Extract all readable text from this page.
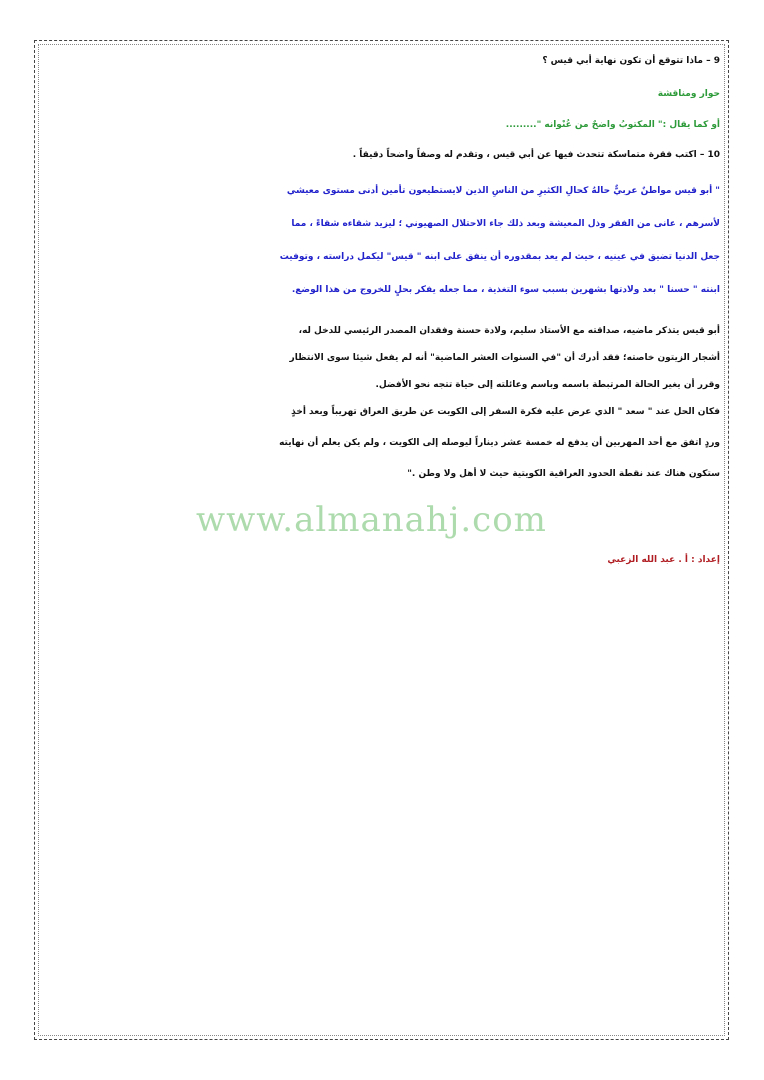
9 – ماذا تتوقع أن تكون نهاية أبي قيس ؟
حوار ومناقشة
أو كما يقال :" المكتوبُ واضحٌ من عُنْوانه ".........
10 – اكتب فقرة متماسكة تتحدث فيها عن أبي قيس ، وتقدم له وصفاً واضحاً دقيقاً .
" أبو قيس مواطنٌ عربيٌّ حالهُ كحالِ الكثيرِ من الناسِ الذين لايستطيعون تأمين أدنى مستوى معيشي
لأسرهم ، عانى من الفقر وذل المعيشة وبعد ذلك جاء الاحتلال الصهيوني ؛ ليزيد شقاءه شقاءً ، مما
جعل الدنيا تضيق في عينيه ، حيث لم يعد بمقدوره أن ينفق على ابنه " قيس" ليكمل دراسته ، وتوفيت
ابنته " حسنا " بعد ولادتها بشهرين بسبب سوء التغذية ، مما جعله يفكر بحلٍ للخروج من هذا الوضع.
أبو قيس يتذكر ماضيه، صداقته مع الأستاذ سليم، ولادة حسنة وفقدان المصدر الرئيسي للدخل له،
أشجار الزيتون خاصته؛ فقد أدرك أن "في السنوات العشر الماضية" أنه لم يفعل شيئا سوى الانتظار
وقرر أن يغير الحالة المرتبطة باسمه وباسم وعائلته إلى حياة تتجه نحو الأفضل.
فكان الحل عند " سعد " الذي عرض عليه فكرة السفر إلى الكويت عن طريق العراق تهريباً وبعد أخذٍ
وردٍ اتفق مع أحد المهربين أن يدفع له خمسة عشر ديناراً ليوصله إلى الكويت ، ولم يكن يعلم أن نهايته
ستكون هناك عند نقطة الحدود العراقية الكويتية حيث لا أهل ولا وطن ."
إعداد : أ . عبد الله الزعبي
www.almanahj.com
